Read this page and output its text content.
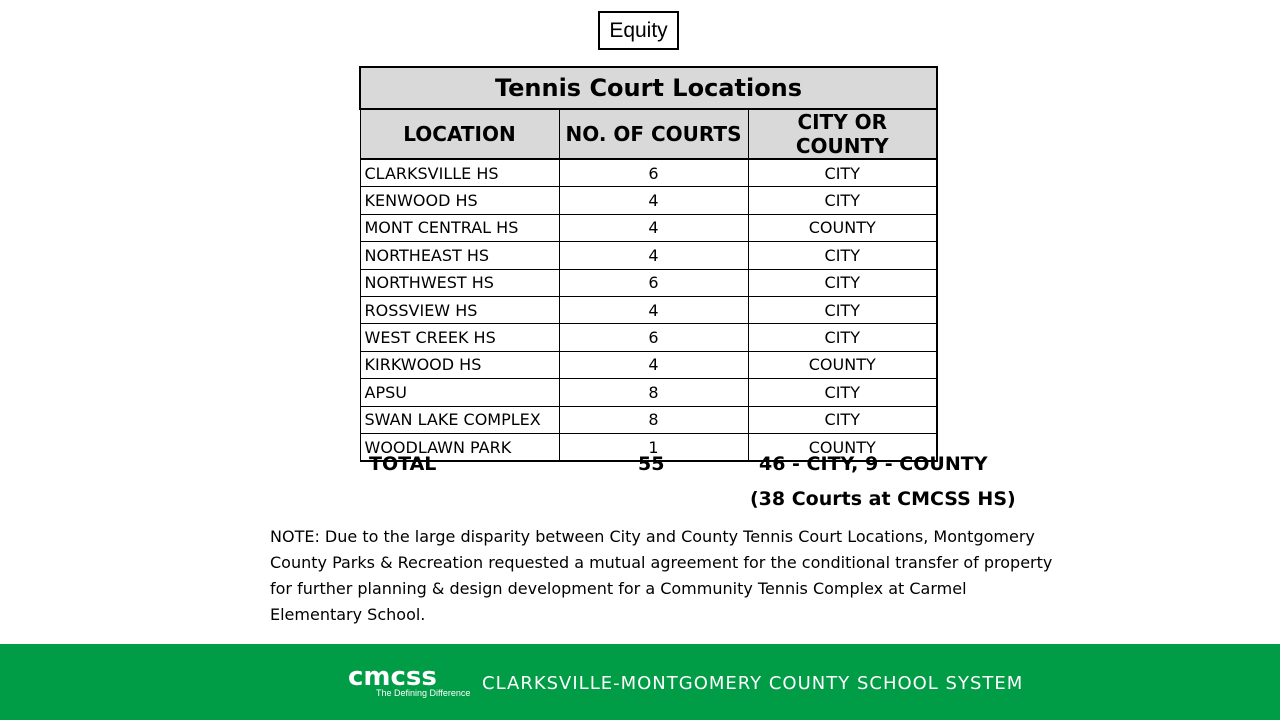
Equity
Tennis Court Locations		
LOCATION	NO. OF COURTS	CITY OR COUNTY
CLARKSVILLE HS	6	CITY
KENWOOD HS	4	CITY
MONT CENTRAL HS	4	COUNTY
NORTHEAST HS	4	CITY
NORTHWEST HS	6	CITY
ROSSVIEW HS	4	CITY
WEST CREEK HS	6	CITY
KIRKWOOD HS	4	COUNTY
APSU	8	CITY
SWAN LAKE COMPLEX	8	CITY
WOODLAWN PARK	1	COUNTY
TOTAL	55	46 - CITY, 9 - COUNTY
(38 Courts at CMCSS HS)
NOTE: Due to the large disparity between City and County Tennis Court Locations, Montgomery County Parks & Recreation requested a mutual agreement for the conditional transfer of property for further planning & design development for a Community Tennis Complex at Carmel Elementary School.
cmcss
The Defining Difference CLARKSVILLE-MONTGOMERY COUNTY SCHOOL SYSTEM
